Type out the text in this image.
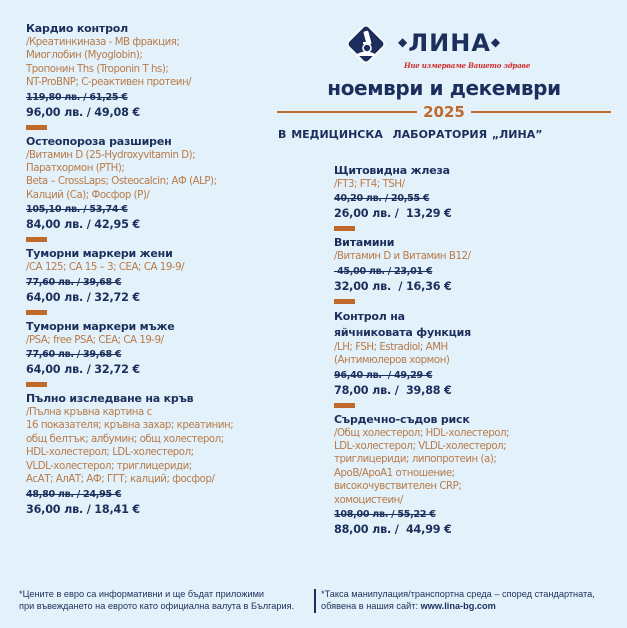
◆ЛИНА◆
Ние измерваме Вашето здраве
ноември и декември
2025
В МЕДИЦИНСКА  ЛАБОРАТОРИЯ „ЛИНА”
Кардио контрол
/Креатинкиназа - МВ фракция;
Миоглобин (Myoglobin);
Тропонин Ths (Troponin T hs);
NT-ProBNP; С-реактивен протеин/
119,80 лв. / 61,25 €
96,00 лв. / 49,08 €
Остеопороза разширен
/Витамин D (25-Hydroxyvitamin D);
Паратхормон (PTH);
Beta – CrossLaps; Osteocalcin; АФ (ALP);
Калций (Ca); Фосфор (P)/
105,10 лв. / 53,74 €
84,00 лв. / 42,95 €
Туморни маркери жени
/CA 125; CA 15 – 3; CEA; CA 19-9/
77,60 лв. / 39,68 €
64,00 лв. / 32,72 €
Туморни маркери мъже
/PSA; free PSA; CEA; CA 19-9/
77,60 лв. / 39,68 €
64,00 лв. / 32,72 €
Пълно изследване на кръв
/Пълна кръвна картина с
16 показателя; кръвна захар; креатинин;
общ белтък; албумин; общ холестерол;
HDL-холестерол; LDL-холестерол;
VLDL-холестерол; триглицериди;
АсАТ; АлАТ; АФ; ГГТ; калций; фосфор/
48,80 лв. / 24,95 €
36,00 лв. / 18,41 €
Щитовидна жлеза
/FT3; FT4; TSH/
40,20 лв. / 20,55 €
26,00 лв. /  13,29 €
Витамини
/Витамин D и Витамин B12/
45,00 лв. / 23,01 €
32,00 лв.  / 16,36 €
Контрол на
яйчниковата функция
/LH; FSH; Estradiol; AMH
(Антимюлеров хормон)
96,40 лв.  / 49,29 €
78,00 лв. /  39,88 €
Сърдечно-съдов риск
/Общ холестерол; HDL-холестерол;
LDL-холестерол; VLDL-холестерол;
триглицериди; липопротеин (а);
АроВ/АроА1 отношение;
високочувствителен CRP;
хомоцистеин/
108,00 лв. / 55,22 €
88,00 лв. /  44,99 €
*Цените в евро са информативни и ще бъдат приложими
при въвеждането на еврото като официална валута в България.
*Такса манипулация/транспортна среда – според стандартната,
обявена в нашия сайт: www.lina-bg.com
